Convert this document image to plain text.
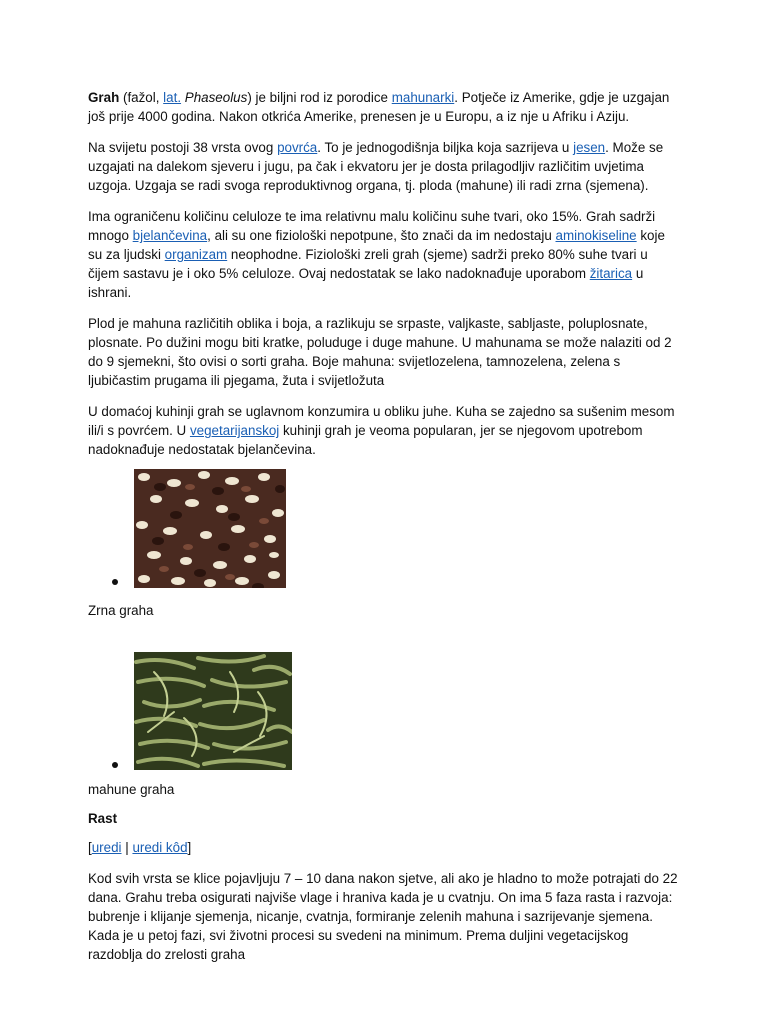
Grah (fažol, lat. Phaseolus) je biljni rod iz porodice mahunarki. Potječe iz Amerike, gdje je uzgajan još prije 4000 godina. Nakon otkrića Amerike, prenesen je u Europu, a iz nje u Afriku i Aziju.

Na svijetu postoji 38 vrsta ovog povrća. To je jednogodišnja biljka koja sazrijeva u jesen. Može se uzgajati na dalekom sjeveru i jugu, pa čak i ekvatoru jer je dosta prilagodljiv različitim uvjetima uzgoja. Uzgaja se radi svoga reproduktivnog organa, tj. ploda (mahune) ili radi zrna (sjemena).

Ima ograničenu količinu celuloze te ima relativnu malu količinu suhe tvari, oko 15%. Grah sadrži mnogo bjelančevina, ali su one fiziološki nepotpune, što znači da im nedostaju aminokiseline koje su za ljudski organizam neophodne. Fiziološki zreli grah (sjeme) sadrži preko 80% suhe tvari u čijem sastavu je i oko 5% celuloze. Ovaj nedostatak se lako nadoknađuje uporabom žitarica u ishrani.

Plod je mahuna različitih oblika i boja, a razlikuju se srpaste, valjkaste, sabljaste, poluplosnate, plosnate. Po dužini mogu biti kratke, poluduge i duge mahune. U mahunama se može nalaziti od 2 do 9 sjemekni, što ovisi o sorti graha. Boje mahuna: svijetlozelena, tamnozelena, zelena s ljubičastim prugama ili pjegama, žuta i svijetložuta

U domaćoj kuhinji grah se uglavnom konzumira u obliku juhe. Kuha se zajedno sa sušenim mesom ili/i s povrćem. U vegetarijanskoj kuhinji grah je veoma popularan, jer se njegovom upotrebom nadoknađuje nedostatak bjelančevina.

Zrna graha

mahune graha

Rast

[uredi | uredi kôd]

Kod svih vrsta se klice pojavljuju 7 – 10 dana nakon sjetve, ali ako je hladno to može potrajati do 22 dana. Grahu treba osigurati najviše vlage i hraniva kada je u cvatnju. On ima 5 faza rasta i razvoja: bubrenje i klijanje sjemenja, nicanje, cvatnja, formiranje zelenih mahuna i sazrijevanje sjemena. Kada je u petoj fazi, svi životni procesi su svedeni na minimum. Prema duljini vegetacijskog razdoblja do zrelosti graha
